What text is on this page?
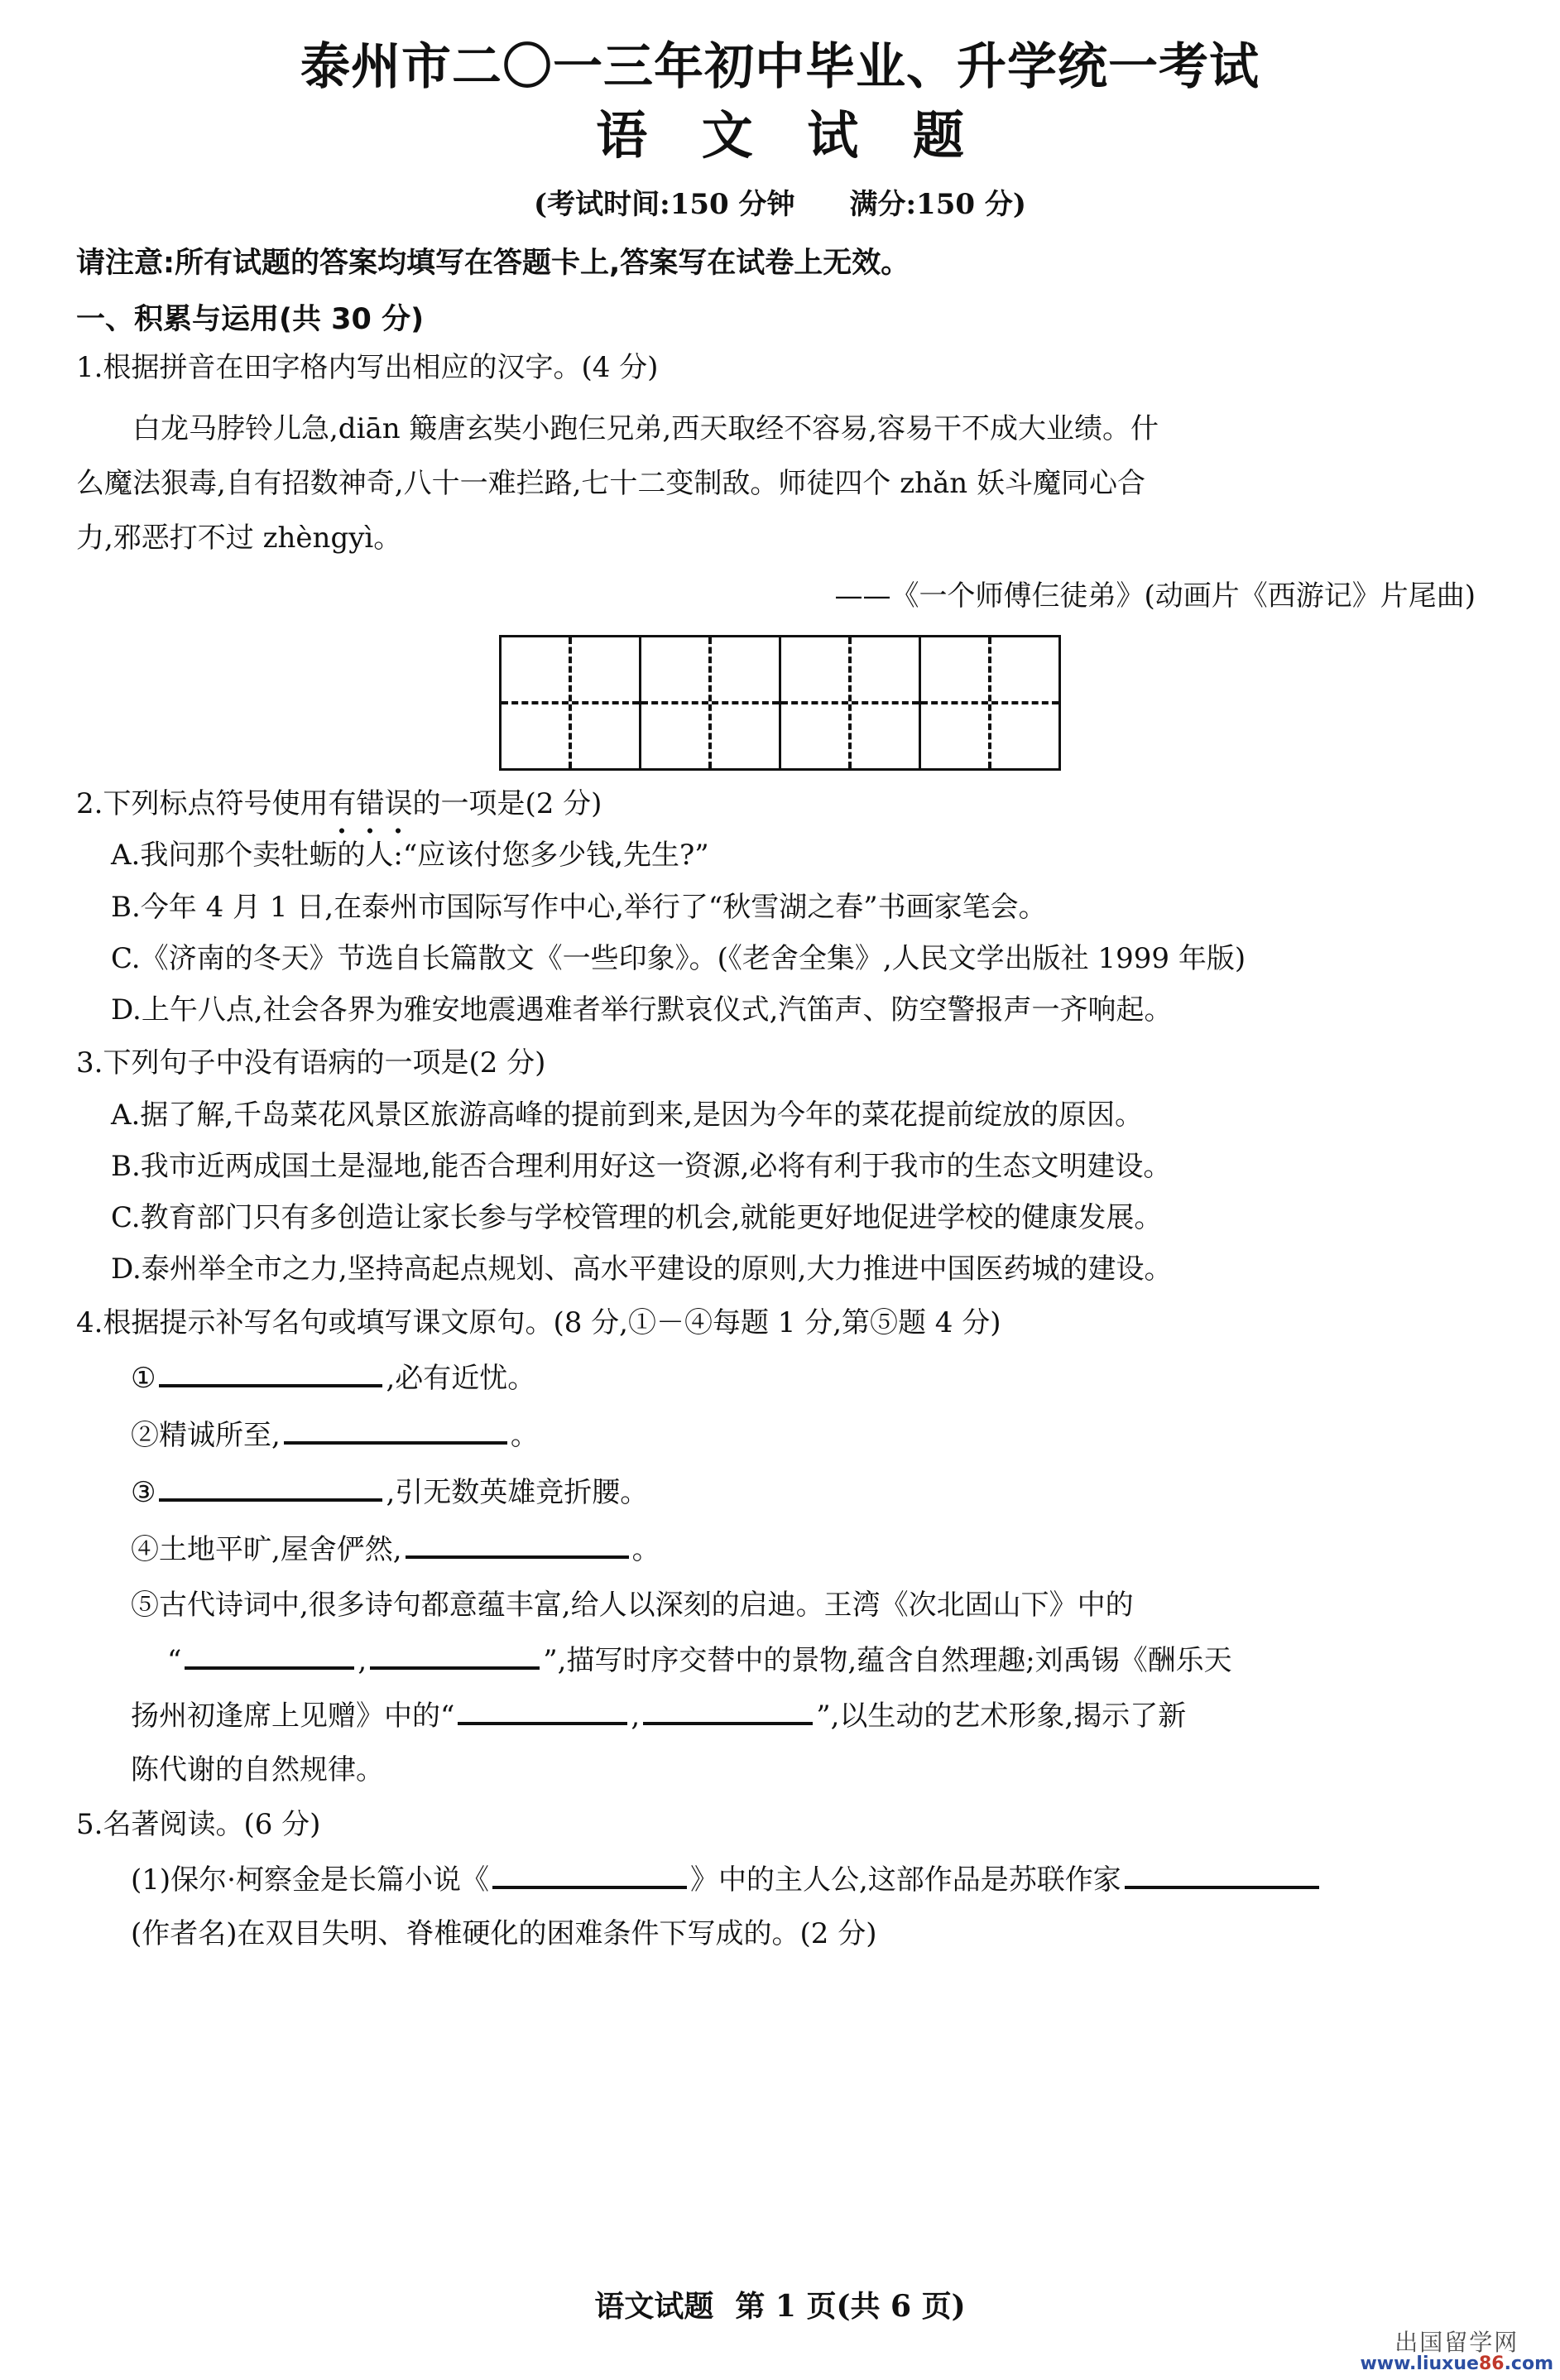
泰州市二〇一三年初中毕业、升学统一考试
语 文 试 题

(考试时间:150 分钟 满分:150 分)

请注意:所有试题的答案均填写在答题卡上,答案写在试卷上无效。

一、积累与运用(共 30 分)

1.根据拼音在田字格内写出相应的汉字。(4 分)

白龙马脖铃儿急,diān 簸唐玄奘小跑仨兄弟,西天取经不容易,容易干不成大业绩。什

么魔法狠毒,自有招数神奇,八十一难拦路,七十二变制敌。师徒四个 zhǎn 妖斗魔同心合

力,邪恶打不过 zhèngyì。

——《一个师傅仨徒弟》(动画片《西游记》片尾曲)

2.下列标点符号使用有错误的一项是(2 分)

A.我问那个卖牡蛎的人:“应该付您多少钱,先生?”

B.今年 4 月 1 日,在泰州市国际写作中心,举行了“秋雪湖之春”书画家笔会。

C.《济南的冬天》节选自长篇散文《一些印象》。(《老舍全集》,人民文学出版社 1999 年版)

D.上午八点,社会各界为雅安地震遇难者举行默哀仪式,汽笛声、防空警报声一齐响起。

3.下列句子中没有语病的一项是(2 分)

A.据了解,千岛菜花风景区旅游高峰的提前到来,是因为今年的菜花提前绽放的原因。

B.我市近两成国土是湿地,能否合理利用好这一资源,必将有利于我市的生态文明建设。

C.教育部门只有多创造让家长参与学校管理的机会,就能更好地促进学校的健康发展。

D.泰州举全市之力,坚持高起点规划、高水平建设的原则,大力推进中国医药城的建设。

4.根据提示补写名句或填写课文原句。(8 分,①－④每题 1 分,第⑤题 4 分)

①	,必有近忧。

②精诚所至,	。

③	,引无数英雄竞折腰。

④土地平旷,屋舍俨然,	。

⑤古代诗词中,很多诗句都意蕴丰富,给人以深刻的启迪。王湾《次北固山下》中的

“	,	”,描写时序交替中的景物,蕴含自然理趣;刘禹锡《酬乐天

扬州初逢席上见赠》中的“	,	”,以生动的艺术形象,揭示了新

陈代谢的自然规律。

5.名著阅读。(6 分)

(1)保尔·柯察金是长篇小说《	》中的主人公,这部作品是苏联作家

(作者名)在双目失明、脊椎硬化的困难条件下写成的。(2 分)

语文试题 第 1 页(共 6 页)
出国留学网
www.liuxue86.com
